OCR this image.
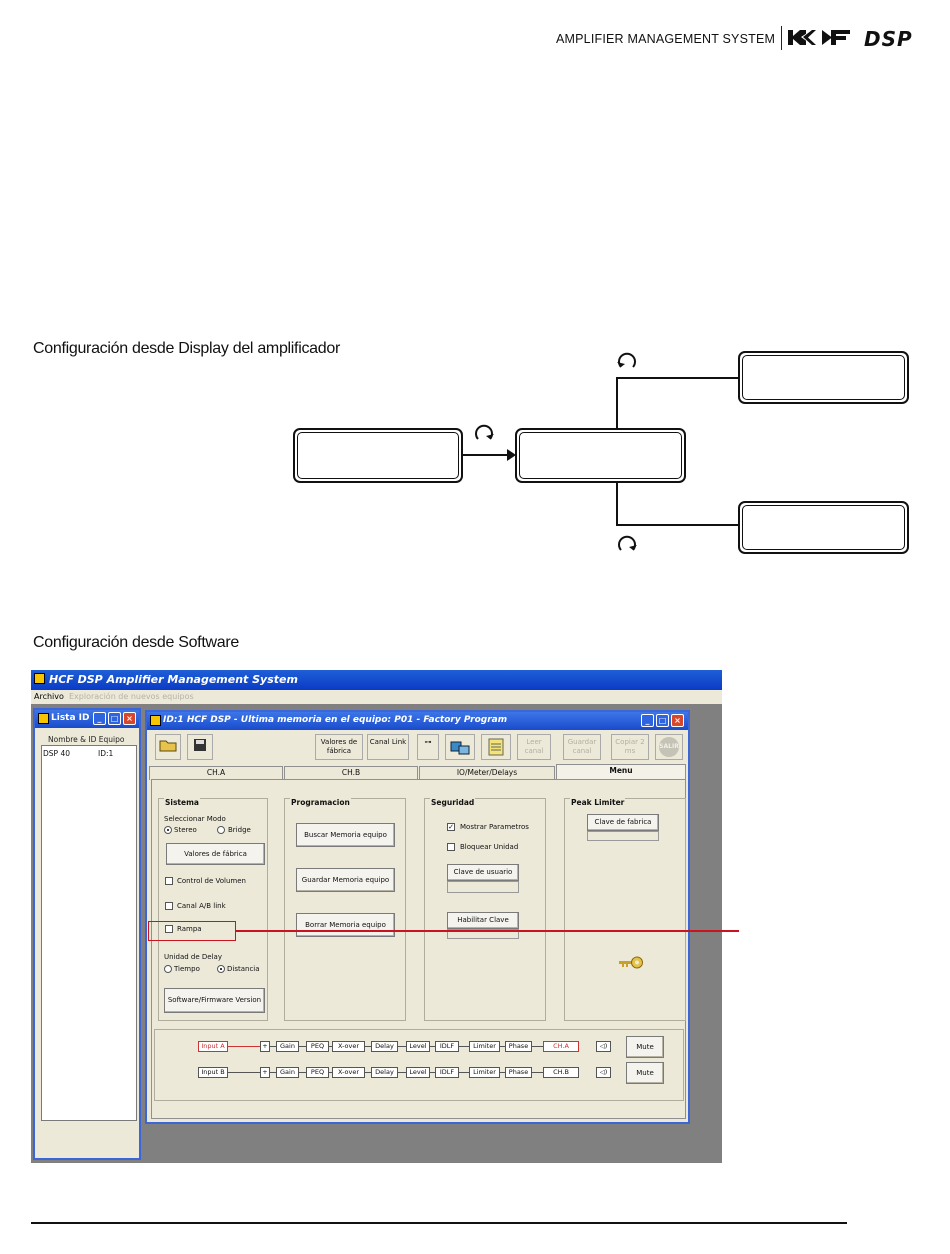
AMPLIFIER MANAGEMENT SYSTEM	DSP
Configuración desde Display del amplificador
Configuración desde Software
HCF DSP Amplifier Management System
Archivo Exploración de nuevos equipos
Lista ID _	□ ×
Nombre & ID Equipo
DSP 40	ID:1
ID:1 HCF DSP - Ultima memoria en el equipo: P01 - Factory Program	_	□ ×
Valores de fábrica
Canal Link	⊶	Leer canal
Guardar canal
Copiar 2 ms
SALIR
CH.A	CH.B	IO/Meter/Delays	Menu
Sistema
Seleccionar Modo
Stereo	Bridge
Valores de fábrica
Control de Volumen
Canal A/B link
Rampa
Unidad de Delay
Tiempo	Distancia
Software/Firmware Version
Programacion
Buscar Memoria equipo
Guardar Memoria equipo
Borrar Memoria equipo
Seguridad
✓ Mostrar Parametros
Bloquear Unidad
Clave de usuario
Habilitar Clave
Peak Limiter
Clave de fabrica
Input A	+	Gain	PEQ	X-over	Delay	Level	IDLF	Limiter	Phase	CH.A	◁)	Mute
Input B	+	Gain	PEQ	X-over	Delay	Level	IDLF	Limiter	Phase	CH.B	◁)	Mute
